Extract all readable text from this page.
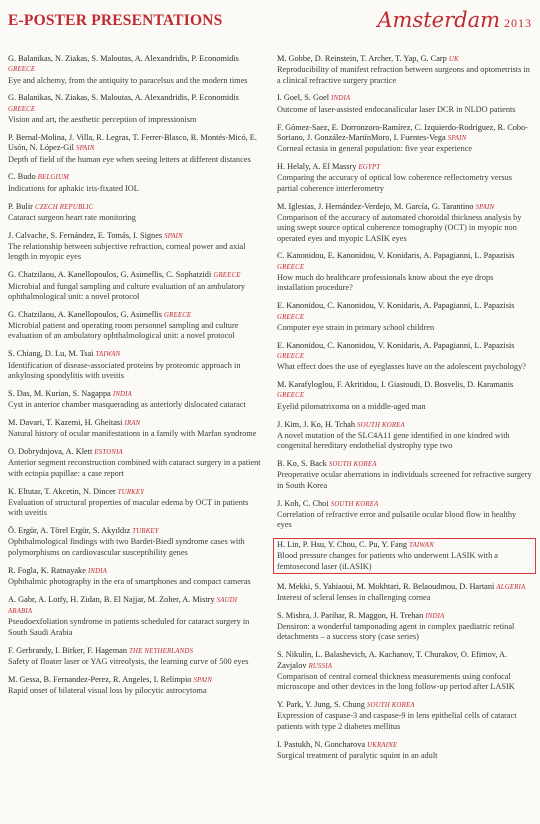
E-POSTER PRESENTATIONS	Amsterdam 2013
G. Balanikas, N. Ziakas, S. Maloutas, A. Alexandridis, P. Economidis GREECE
Eye and alchemy, from the antiquity to paracelsus and the modern times
G. Balanikas, N. Ziakas, S. Maloutas, A. Alexandridis, P. Economidis GREECE
Vision and art, the aesthetic perception of impressionism
P. Bernal-Molina, J. Villa, R. Legras, T. Ferrer-Blasco, R. Montés-Micó, E. Usón, N. López-Gil SPAIN
Depth of field of the human eye when seeing letters at different distances
C. Budo BELGIUM
Indications for aphakic iris-fixated IOL
P. Bulir CZECH REPUBLIC
Cataract surgeon heart rate monitoring
J. Calvache, S. Fernández, E. Tomás, I. Signes SPAIN
The relationship between subjective refraction, corneal power and axial length in myopic eyes
G. Chatzilaou, A. Kanellopoulos, G. Asimellis, C. Sophatzidi GREECE
Microbial and fungal sampling and culture evaluation of an ambulatory ophthalmological unit: a novel protocol
G. Chatzilaou, A. Kanellopoulos, G. Asimellis GREECE
Microbial patient and operating room personnel sampling and culture evaluation of an ambulatory ophthalmological unit: a novel protocol
S. Chiang, D. Lu, M. Tsai TAIWAN
Identification of disease-associated proteins by proteomic approach in ankylosing spondylitis with uveitis
S. Das, M. Kurian, S. Nagappa INDIA
Cyst in anterior chamber masquerading as anteriorly dislocated cataract
M. Davari, T. Kazemi, H. Gheitasi IRAN
Natural history of ocular manifestations in a family with Marfan syndrome
O. Dobrydnjova, A. Klett ESTONIA
Anterior segment reconstruction combined with cataract surgery in a patient with ectopia pupillae: a case report
K. Eltutar, T. Akcetin, N. Dincer TURKEY
Evaluation of structural properties of macular edema by OCT in patients with uveitis
Ö. Ergür, A. Törel Ergür, S. Akyıldız TURKEY
Ophthalmological findings with two Bardet-Biedl syndrome cases with polymorphisms on cardiovascular susceptibility genes
R. Fogla, K. Ratnayake INDIA
Ophthalmic photography in the era of smartphones and compact cameras
A. Gabr, A. Lotfy, H. Zidan, B. El Najjar, M. Zoher, A. Mistry SAUDI ARABIA
Pseudoexfoliation syndrome in patients scheduled for cataract surgery in South Saudi Arabia
F. Gerbrandy, I. Birker, F. Hageman THE NETHERLANDS
Safety of floater laser or YAG vitreolysis, the learning curve of 500 eyes
M. Gessa, B. Fernandez-Perez, R. Angeles, I. Relimpio SPAIN
Rapid onset of bilateral visual loss by pilocytic astrocytoma
M. Gobbe, D. Reinstein, T. Archer, T. Yap, G. Carp UK
Reproducibility of manifest refraction between surgeons and optometrists in a clinical refractive surgery practice
I. Goel, S. Goel INDIA
Outcome of laser-assisted endocanalicular laser DCR in NLDO patients
F. Gómez-Saez, E. Dorronzoro-Ramírez, C. Izquierdo-Rodriguez, R. Cobo-Soriano, J. González-MartínMoro, I. Fuentes-Vega SPAIN
Corneal ectasia in general population: five year experience
H. Helaly, A. El Massry EGYPT
Comparing the accuracy of optical low coherence reflectometry versus partial coherence interferometry
M. Iglesias, J. Hernández-Verdejo, M. García, G. Tarantino SPAIN
Comparison of the accuracy of automated choroidal thickness analysis by using swept source optical coherence tomography (OCT) in myopic non operated eyes and myopic LASIK eyes
C. Kanonidou, E. Kanonidou, V. Konidaris, A. Papagianni, L. Papazisis GREECE
How much do healthcare professionals know about the eye drops installation procedure?
E. Kanonidou, C. Kanonidou, V. Konidaris, A. Papagianni, L. Papazisis GREECE
Computer eye strain in primary school children
E. Kanonidou, C. Kanonidou, V. Konidaris, A. Papagianni, L. Papazisis GREECE
What effect does the use of eyeglasses have on the adolescent psychology?
M. Karafyloglou, F. Akritidou, I. Giastoudi, D. Bosvelis, D. Karamanis GREECE
Eyelid pilomatrixoma on a middle-aged man
J. Kim, J. Ko, H. Tchah SOUTH KOREA
A novel mutation of the SLC4A11 gene identified in one kindred with congenital hereditary endothelial dystrophy type two
B. Ko, S. Back SOUTH KOREA
Preoperative ocular aberrations in individuals screened for refractive surgery in South Korea
J. Koh, C. Choi SOUTH KOREA
Correlation of refractive error and pulsatile ocular blood flow in healthy eyes
H. Lin, P. Hsu, Y. Chou, C. Pu, Y. Fang TAIWAN
Blood pressure changes for patients who underwent LASIK with a femtosecond laser (iLASIK)
M. Mekki, S. Yahiaoui, M. Mokhtari, R. Belaoudmou, D. Hartani ALGERIA
Interest of scleral lenses in challenging cornea
S. Mishra, J. Parihar, R. Maggon, H. Trehan INDIA
Densiron: a wonderful tamponading agent in complex paediatric retinal detachments – a success story (case series)
S. Nikulin, L. Balashevich, A. Kachanov, T. Churakov, O. Efimov, A. Zavjalov RUSSIA
Comparison of central corneal thickness measurements using confocal microscope and other devices in the long follow-up period after LASIK
Y. Park, Y. Jung, S. Chung SOUTH KOREA
Expression of caspase-3 and caspase-9 in lens epithelial cells of cataract patients with type 2 diabetes mellitus
I. Pastukh, N. Goncharova UKRAINE
Surgical treatment of paralytic squint in an adult
